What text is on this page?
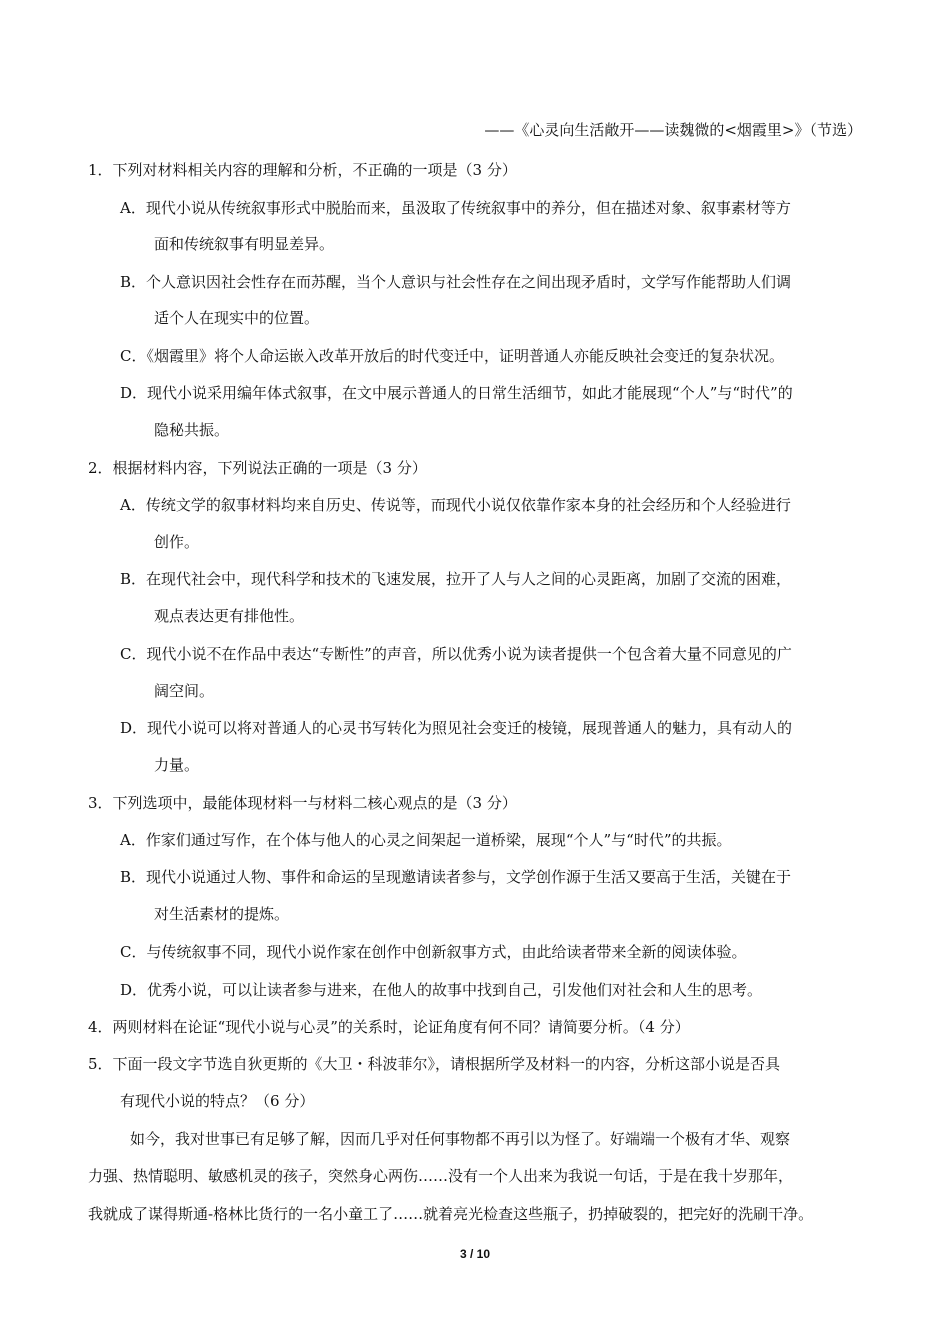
——《心灵向生活敞开——读魏微的<烟霞里>》（节选）
1．下列对材料相关内容的理解和分析，不正确的一项是（3 分）
A．现代小说从传统叙事形式中脱胎而来，虽汲取了传统叙事中的养分，但在描述对象、叙事素材等方
面和传统叙事有明显差异。
B．个人意识因社会性存在而苏醒，当个人意识与社会性存在之间出现矛盾时，文学写作能帮助人们调
适个人在现实中的位置。
C．《烟霞里》将个人命运嵌入改革开放后的时代变迁中，证明普通人亦能反映社会变迁的复杂状况。
D．现代小说采用编年体式叙事，在文中展示普通人的日常生活细节，如此才能展现“个人”与“时代”的
隐秘共振。
2．根据材料内容，下列说法正确的一项是（3 分）
A．传统文学的叙事材料均来自历史、传说等，而现代小说仅依靠作家本身的社会经历和个人经验进行
创作。
B．在现代社会中，现代科学和技术的飞速发展，拉开了人与人之间的心灵距离，加剧了交流的困难，
观点表达更有排他性。
C．现代小说不在作品中表达“专断性”的声音，所以优秀小说为读者提供一个包含着大量不同意见的广
阔空间。
D．现代小说可以将对普通人的心灵书写转化为照见社会变迁的棱镜，展现普通人的魅力，具有动人的
力量。
3．下列选项中，最能体现材料一与材料二核心观点的是（3 分）
A．作家们通过写作，在个体与他人的心灵之间架起一道桥梁，展现“个人”与“时代”的共振。
B．现代小说通过人物、事件和命运的呈现邀请读者参与，文学创作源于生活又要高于生活，关键在于
对生活素材的提炼。
C．与传统叙事不同，现代小说作家在创作中创新叙事方式，由此给读者带来全新的阅读体验。
D．优秀小说，可以让读者参与进来，在他人的故事中找到自己，引发他们对社会和人生的思考。
4．两则材料在论证“现代小说与心灵”的关系时，论证角度有何不同？请简要分析。（4 分）
5．下面一段文字节选自狄更斯的《大卫・科波菲尔》，请根据所学及材料一的内容，分析这部小说是否具
有现代小说的特点？（6 分）
如今，我对世事已有足够了解，因而几乎对任何事物都不再引以为怪了。好端端一个极有才华、观察
力强、热情聪明、敏感机灵的孩子，突然身心两伤……没有一个人出来为我说一句话，于是在我十岁那年，
我就成了谋得斯通-格林比货行的一名小童工了……就着亮光检查这些瓶子，扔掉破裂的，把完好的洗刷干净。
3 / 10
